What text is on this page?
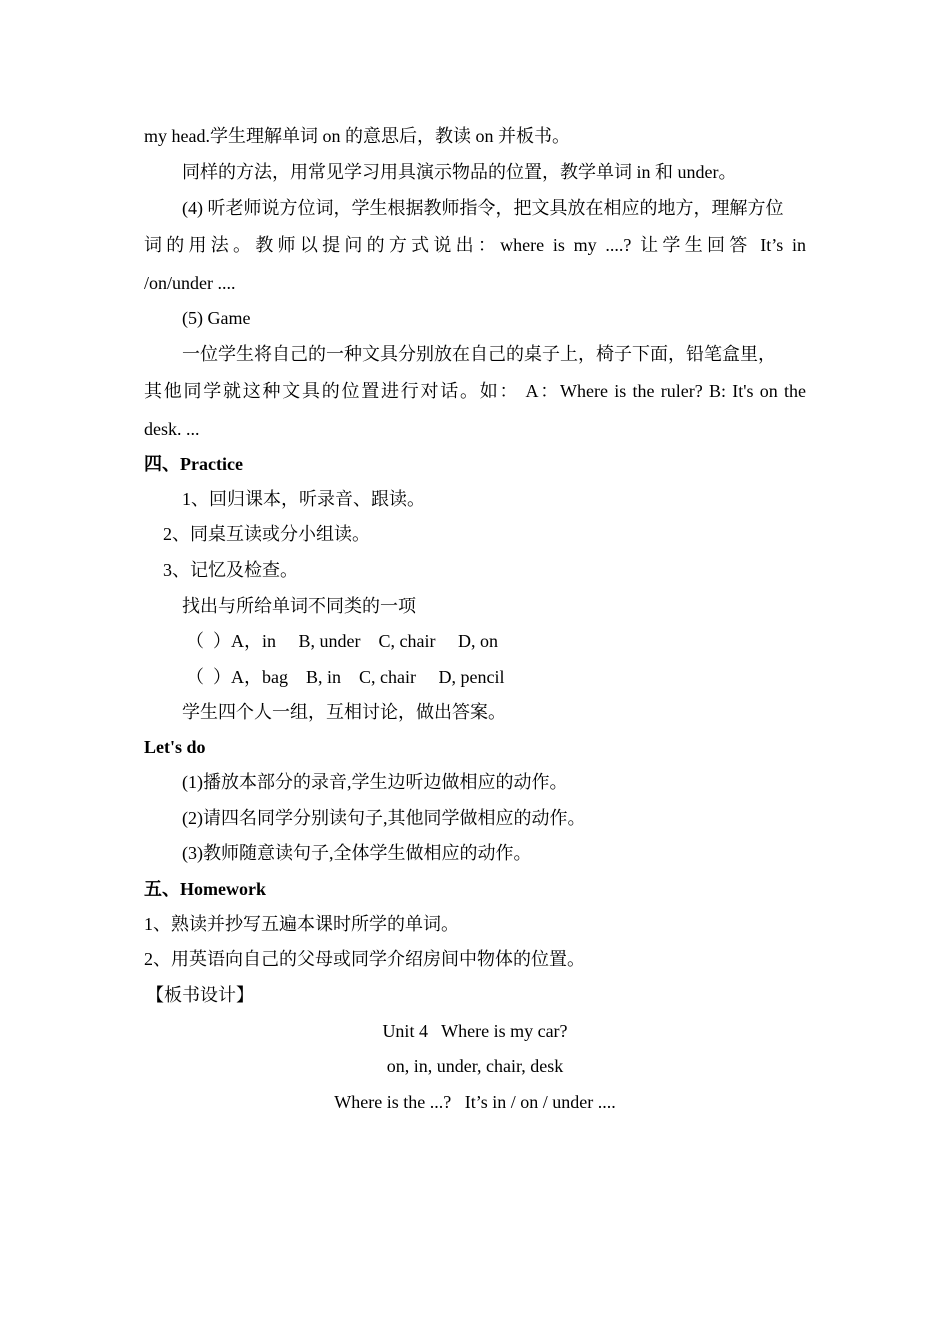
my head.学生理解单词 on 的意思后，教读 on 并板书。
同样的方法，用常见学习用具演示物品的位置，教学单词 in 和 under。
(4) 听老师说方位词，学生根据教师指令，把文具放在相应的地方，理解方位
词的用法。教师以提问的方式说出：where is my ....? 让学生回答 It’s in
/on/under ....
(5) Game
一位学生将自己的一种文具分别放在自己的桌子上，椅子下面，铅笔盒里，
其他同学就这种文具的位置进行对话。如： A：Where is the ruler? B: It's on the
desk. ...
四、Practice
1、回归课本，听录音、跟读。
2、同桌互读或分小组读。
3、记忆及检查。
找出与所给单词不同类的一项
（  ）A，in     B, under    C, chair     D, on
（  ）A，bag    B, in    C, chair     D, pencil
学生四个人一组，互相讨论，做出答案。
Let's do
(1)播放本部分的录音,学生边听边做相应的动作。
(2)请四名同学分别读句子,其他同学做相应的动作。
(3)教师随意读句子,全体学生做相应的动作。
五、Homework
1、熟读并抄写五遍本课时所学的单词。
2、用英语向自己的父母或同学介绍房间中物体的位置。
【板书设计】
Unit 4   Where is my car?
on, in, under, chair, desk
Where is the ...?   It’s in / on / under ....
